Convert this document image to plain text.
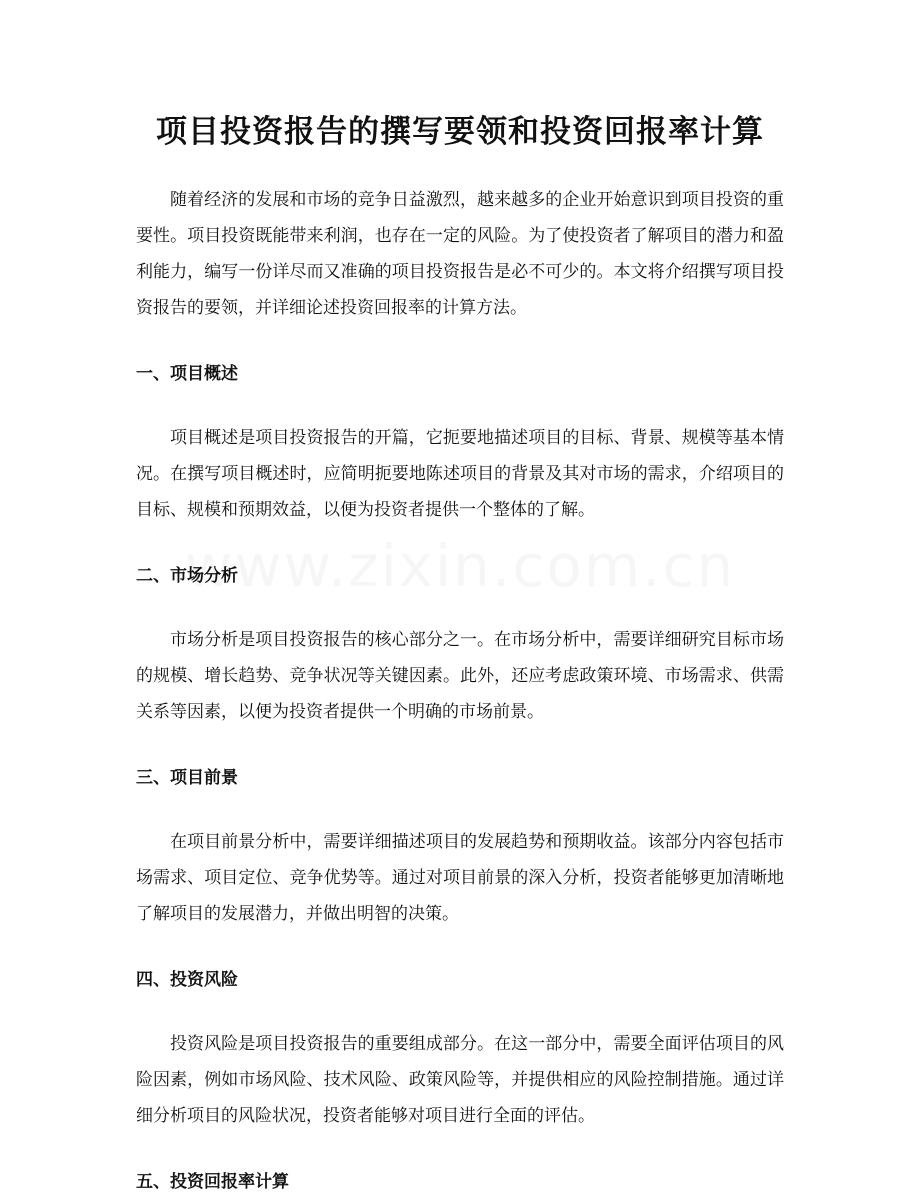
项目投资报告的撰写要领和投资回报率计算

随着经济的发展和市场的竞争日益激烈，越来越多的企业开始意识到项目投资的重要性。项目投资既能带来利润，也存在一定的风险。为了使投资者了解项目的潜力和盈利能力，编写一份详尽而又准确的项目投资报告是必不可少的。本文将介绍撰写项目投资报告的要领，并详细论述投资回报率的计算方法。

一、项目概述

项目概述是项目投资报告的开篇，它扼要地描述项目的目标、背景、规模等基本情况。在撰写项目概述时，应简明扼要地陈述项目的背景及其对市场的需求，介绍项目的目标、规模和预期效益，以便为投资者提供一个整体的了解。

二、市场分析

市场分析是项目投资报告的核心部分之一。在市场分析中，需要详细研究目标市场的规模、增长趋势、竞争状况等关键因素。此外，还应考虑政策环境、市场需求、供需关系等因素，以便为投资者提供一个明确的市场前景。

三、项目前景

在项目前景分析中，需要详细描述项目的发展趋势和预期收益。该部分内容包括市场需求、项目定位、竞争优势等。通过对项目前景的深入分析，投资者能够更加清晰地了解项目的发展潜力，并做出明智的决策。

四、投资风险

投资风险是项目投资报告的重要组成部分。在这一部分中，需要全面评估项目的风险因素，例如市场风险、技术风险、政策风险等，并提供相应的风险控制措施。通过详细分析项目的风险状况，投资者能够对项目进行全面的评估。

五、投资回报率计算
